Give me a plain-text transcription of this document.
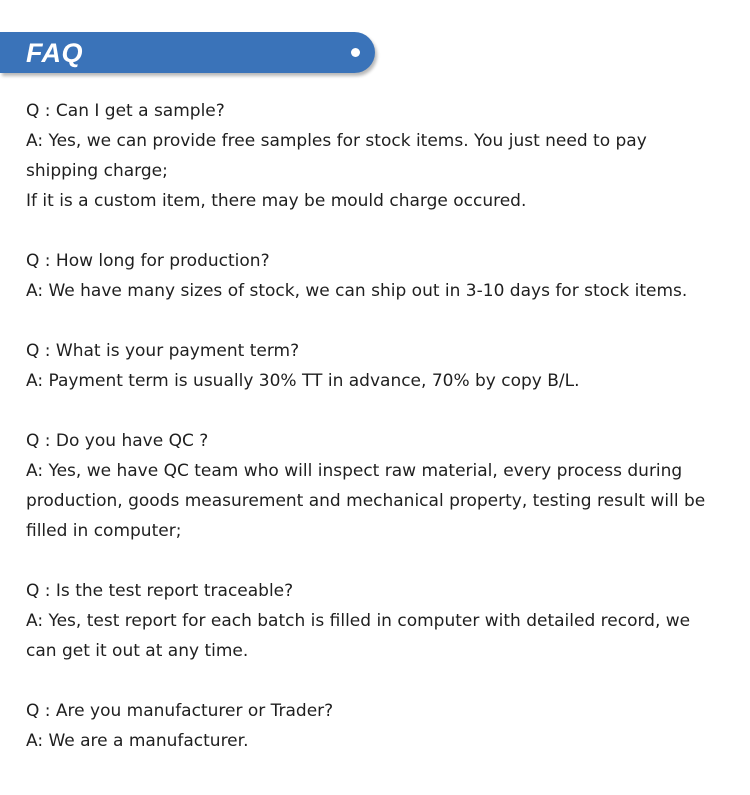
FAQ
Q : Can I get a sample?
A: Yes, we can provide free samples for stock items. You just need to pay
shipping charge;
If it is a custom item, there may be mould charge occured.
Q : How long for production?
A: We have many sizes of stock, we can ship out in 3-10 days for stock items.
Q : What is your payment term?
A: Payment term is usually 30% TT in advance, 70% by copy B/L.
Q : Do you have QC ?
A: Yes, we have QC team who will inspect raw material, every process during
production, goods measurement and mechanical property, testing result will be
filled in computer;
Q : Is the test report traceable?
A: Yes, test report for each batch is filled in computer with detailed record, we
can get it out at any time.
Q : Are you manufacturer or Trader?
A: We are a manufacturer.
